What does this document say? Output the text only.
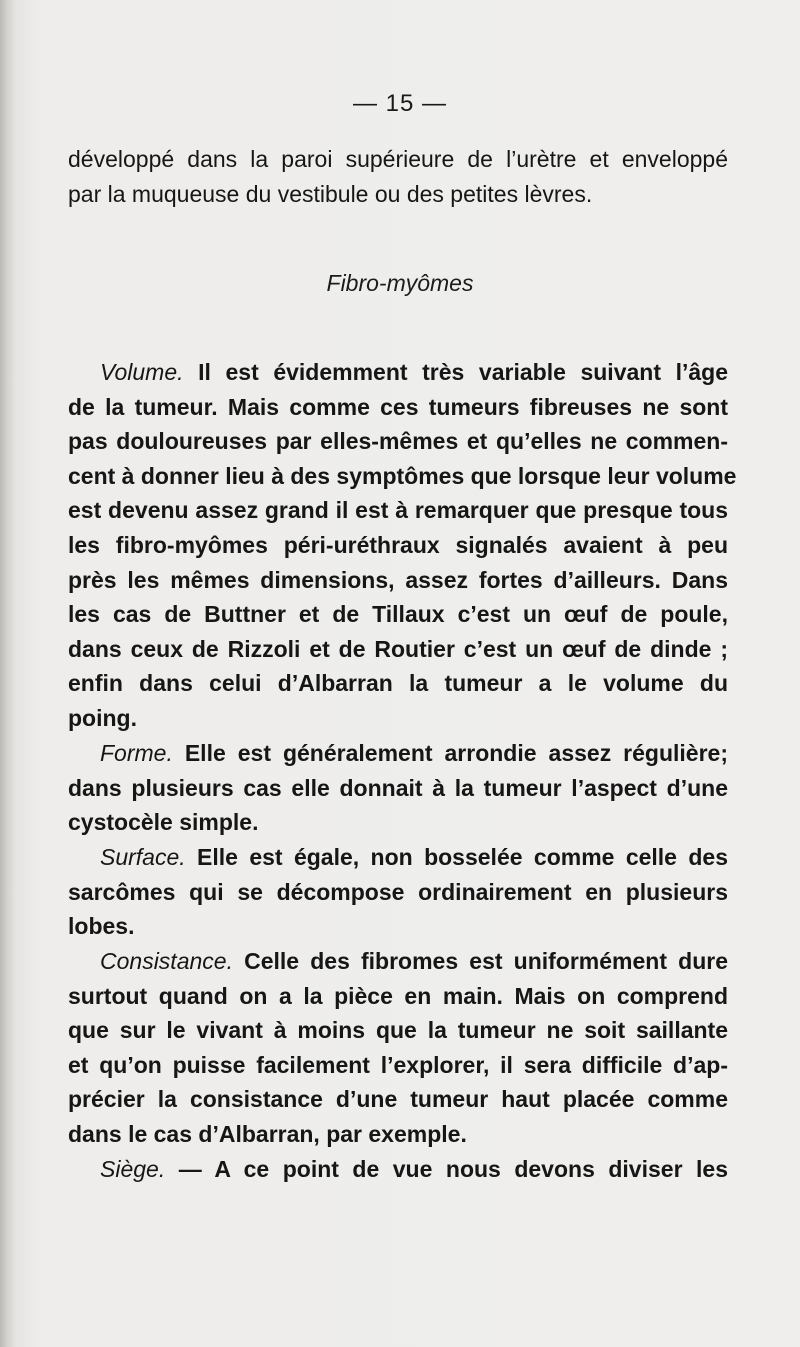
— 15 —
développé dans la paroi supérieure de l’urètre et enveloppé
par la muqueuse du vestibule ou des petites lèvres.
Fibro-myômes
Volume. Il est évidemment très variable suivant l’âge
de la tumeur. Mais comme ces tumeurs fibreuses ne sont
pas douloureuses par elles-mêmes et qu’elles ne commen-
cent à donner lieu à des symptômes que lorsque leur volume
est devenu assez grand il est à remarquer que presque tous
les fibro-myômes péri-uréthraux signalés avaient à peu
près les mêmes dimensions, assez fortes d’ailleurs. Dans
les cas de Buttner et de Tillaux c’est un œuf de poule,
dans ceux de Rizzoli et de Routier c’est un œuf de dinde ;
enfin dans celui d’Albarran la tumeur a le volume du
poing.
Forme. Elle est généralement arrondie assez régulière;
dans plusieurs cas elle donnait à la tumeur l’aspect d’une
cystocèle simple.
Surface. Elle est égale, non bosselée comme celle des
sarcômes qui se décompose ordinairement en plusieurs
lobes.
Consistance. Celle des fibromes est uniformément dure
surtout quand on a la pièce en main. Mais on comprend
que sur le vivant à moins que la tumeur ne soit saillante
et qu’on puisse facilement l’explorer, il sera difficile d’ap-
précier la consistance d’une tumeur haut placée comme
dans le cas d’Albarran, par exemple.
Siège. — A ce point de vue nous devons diviser les
